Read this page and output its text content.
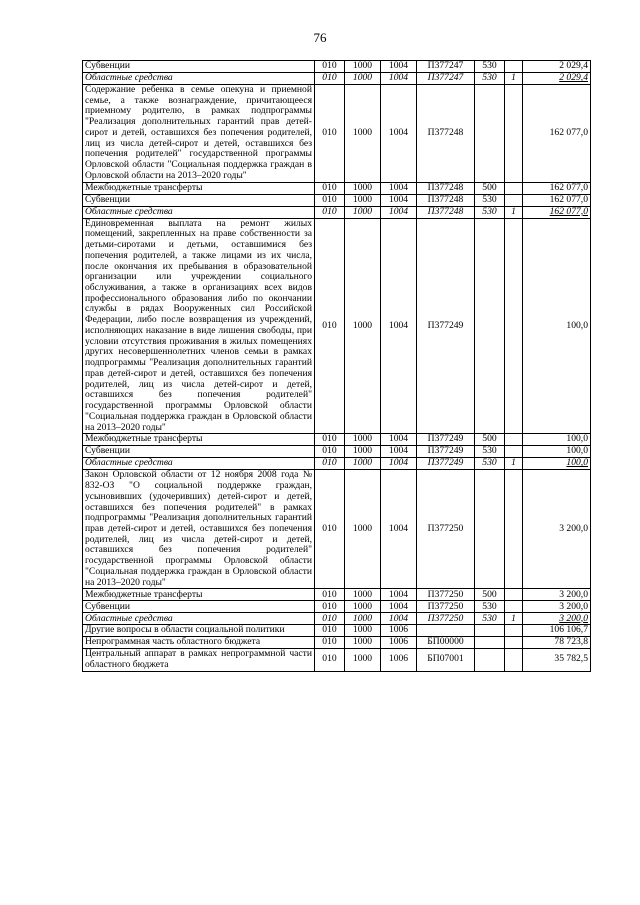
76
Субвенции	010	1000	1004	П377247	530		2 029,4
Областные средства	010	1000	1004	П377247	530	1	2 029,4
Содержание ребенка в семье опекуна и приемной семье, а также вознаграждение, причитающееся приемному родителю, в рамках подпрограммы "Реализация дополнительных гарантий прав детей-сирот и детей, оставшихся без попечения родителей, лиц из числа детей-сирот и детей, оставшихся без попечения родителей" государственной программы Орловской области "Социальная поддержка граждан в Орловской области на 2013–2020 годы"	010	1000	1004	П377248			162 077,0
Межбюджетные трансферты	010	1000	1004	П377248	500		162 077,0
Субвенции	010	1000	1004	П377248	530		162 077,0
Областные средства	010	1000	1004	П377248	530	1	162 077,0
Единовременная выплата на ремонт жилых помещений, закрепленных на праве собственности за детьми-сиротами и детьми, оставшимися без попечения родителей, а также лицами из их числа, после окончания их пребывания в образовательной организации или учреждении социального обслуживания, а также в организациях всех видов профессионального образования либо по окончании службы в рядах Вооруженных сил Российской Федерации, либо после возвращения из учреждений, исполняющих наказание в виде лишения свободы, при условии отсутствия проживания в жилых помещениях других несовершеннолетних членов семьи в рамках подпрограммы "Реализация дополнительных гарантий прав детей-сирот и детей, оставшихся без попечения родителей, лиц из числа детей-сирот и детей, оставшихся без попечения родителей" государственной программы Орловской области "Социальная поддержка граждан в Орловской области на 2013–2020 годы"	010	1000	1004	П377249			100,0
Межбюджетные трансферты	010	1000	1004	П377249	500		100,0
Субвенции	010	1000	1004	П377249	530		100,0
Областные средства	010	1000	1004	П377249	530	1	100,0
Закон Орловской области от 12 ноября 2008 года № 832-ОЗ "О социальной поддержке граждан, усыновивших (удочеривших) детей-сирот и детей, оставшихся без попечения родителей" в рамках подпрограммы "Реализация дополнительных гарантий прав детей-сирот и детей, оставшихся без попечения родителей, лиц из числа детей-сирот и детей, оставшихся без попечения родителей" государственной программы Орловской области "Социальная поддержка граждан в Орловской области на 2013–2020 годы"	010	1000	1004	П377250			3 200,0
Межбюджетные трансферты	010	1000	1004	П377250	500		3 200,0
Субвенции	010	1000	1004	П377250	530		3 200,0
Областные средства	010	1000	1004	П377250	530	1	3 200,0
Другие вопросы в области социальной политики	010	1000	1006				106 106,7
Непрограммная часть областного бюджета	010	1000	1006	БП00000			78 723,8
Центральный аппарат в рамках непрограммной части областного бюджета	010	1000	1006	БП07001			35 782,5
